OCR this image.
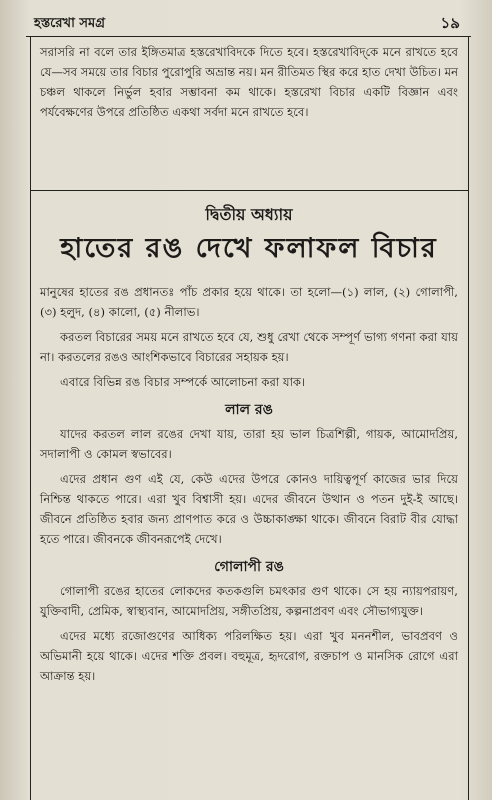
হস্তরেখা সমগ্র	১৯

সরাসরি না বলে তার ইঙ্গিতমাত্র হস্তরেখাবিদকে দিতে হবে। হস্তরেখাবিদ্‌কে মনে রাখতে হবে যে—সব সময়ে তার বিচার পুরোপুরি অভ্রান্ত নয়। মন রীতিমত স্থির করে হাত দেখা উচিত। মন চঞ্চল থাকলে নির্ভুল হবার সম্ভাবনা কম থাকে। হস্তরেখা বিচার একটি বিজ্ঞান এবং পর্যবেক্ষণের উপরে প্রতিষ্ঠিত একথা সর্বদা মনে রাখতে হবে।

দ্বিতীয় অধ্যায়
হাতের রঙ দেখে ফলাফল বিচার

মানুষের হাতের রঙ প্রধানতঃ পাঁচ প্রকার হয়ে থাকে। তা হলো—(১) লাল, (২) গোলাপী, (৩) হলুদ, (৪) কালো, (৫) নীলাভ।

করতল বিচারের সময় মনে রাখতে হবে যে, শুধু রেখা থেকে সম্পূর্ণ ভাগ্য গণনা করা যায় না। করতলের রঙও আংশিকভাবে বিচারের সহায়ক হয়।

এবারে বিভিন্ন রঙ বিচার সম্পর্কে আলোচনা করা যাক।

লাল রঙ

যাদের করতল লাল রঙের দেখা যায়, তারা হয় ভাল চিত্রশিল্পী, গায়ক, আমোদপ্রিয়, সদালাপী ও কোমল স্বভাবের।

এদের প্রধান গুণ এই যে, কেউ এদের উপরে কোনও দায়িত্বপূর্ণ কাজের ভার দিয়ে নিশ্চিন্ত থাকতে পারে। এরা খুব বিশ্বাসী হয়। এদের জীবনে উত্থান ও পতন দুই-ই আছে। জীবনে প্রতিষ্ঠিত হবার জন্য প্রাণপাত করে ও উচ্চাকাঙ্ক্ষা থাকে। জীবনে বিরাট বীর যোদ্ধা হতে পারে। জীবনকে জীবনরূপেই দেখে।

গোলাপী রঙ

গোলাপী রঙের হাতের লোকদের কতকগুলি চমৎকার গুণ থাকে। সে হয় ন্যায়পরায়ণ, যুক্তিবাদী, প্রেমিক, স্বাস্থ্যবান, আমোদপ্রিয়, সঙ্গীতপ্রিয়, কল্পনাপ্রবণ এবং সৌভাগ্যযুক্ত।

এদের মধ্যে রজোগুণের আধিক্য পরিলক্ষিত হয়। এরা খুব মননশীল, ভাবপ্রবণ ও অভিমানী হয়ে থাকে। এদের শক্তি প্রবল। বহুমূত্র, হৃদরোগ, রক্তচাপ ও মানসিক রোগে এরা আক্রান্ত হয়।
